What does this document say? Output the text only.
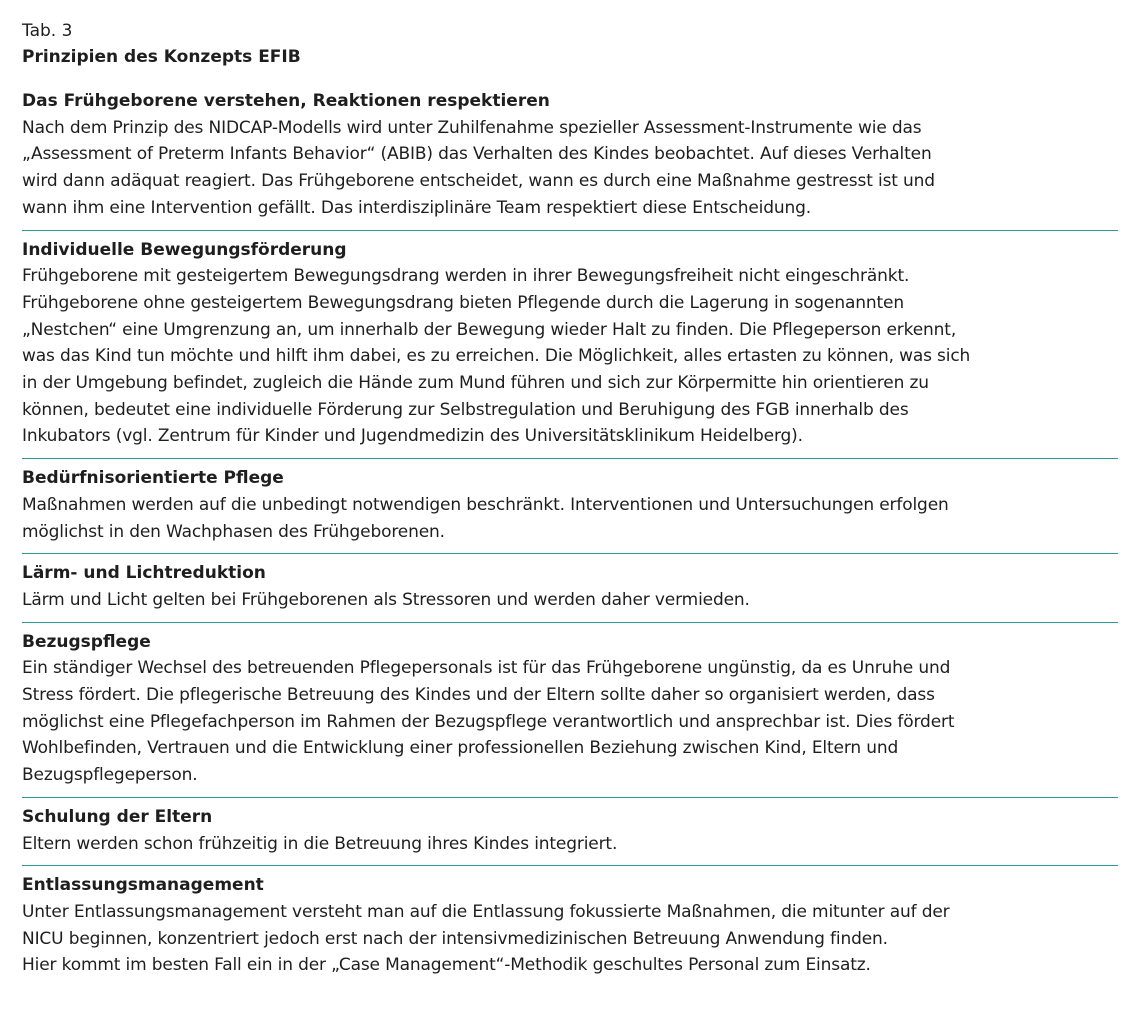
Tab. 3

Prinzipien des Konzepts EFIB

Das Frühgeborene verstehen, Reaktionen respektieren

Nach dem Prinzip des NIDCAP-Modells wird unter Zuhilfenahme spezieller Assessment-Instrumente wie das

„Assessment of Preterm Infants Behavior“ (ABIB) das Verhalten des Kindes beobachtet. Auf dieses Verhalten

wird dann adäquat reagiert. Das Frühgeborene entscheidet, wann es durch eine Maßnahme gestresst ist und

wann ihm eine Intervention gefällt. Das interdisziplinäre Team respektiert diese Entscheidung.

Individuelle Bewegungsförderung

Frühgeborene mit gesteigertem Bewegungsdrang werden in ihrer Bewegungsfreiheit nicht eingeschränkt.

Frühgeborene ohne gesteigertem Bewegungsdrang bieten Pflegende durch die Lagerung in sogenannten

„Nestchen“ eine Umgrenzung an, um innerhalb der Bewegung wieder Halt zu finden. Die Pflegeperson erkennt,

was das Kind tun möchte und hilft ihm dabei, es zu erreichen. Die Möglichkeit, alles ertasten zu können, was sich

in der Umgebung befindet, zugleich die Hände zum Mund führen und sich zur Körpermitte hin orientieren zu

können, bedeutet eine individuelle Förderung zur Selbstregulation und Beruhigung des FGB innerhalb des

Inkubators (vgl. Zentrum für Kinder und Jugendmedizin des Universitätsklinikum Heidelberg).

Bedürfnisorientierte Pflege

Maßnahmen werden auf die unbedingt notwendigen beschränkt. Interventionen und Untersuchungen erfolgen

möglichst in den Wachphasen des Frühgeborenen.

Lärm- und Lichtreduktion

Lärm und Licht gelten bei Frühgeborenen als Stressoren und werden daher vermieden.

Bezugspflege

Ein ständiger Wechsel des betreuenden Pflegepersonals ist für das Frühgeborene ungünstig, da es Unruhe und

Stress fördert. Die pflegerische Betreuung des Kindes und der Eltern sollte daher so organisiert werden, dass

möglichst eine Pflegefachperson im Rahmen der Bezugspflege verantwortlich und ansprechbar ist. Dies fördert

Wohlbefinden, Vertrauen und die Entwicklung einer professionellen Beziehung zwischen Kind, Eltern und

Bezugspflegeperson.

Schulung der Eltern

Eltern werden schon frühzeitig in die Betreuung ihres Kindes integriert.

Entlassungsmanagement

Unter Entlassungsmanagement versteht man auf die Entlassung fokussierte Maßnahmen, die mitunter auf der

NICU beginnen, konzentriert jedoch erst nach der intensivmedizinischen Betreuung Anwendung finden.

Hier kommt im besten Fall ein in der „Case Management“-Methodik geschultes Personal zum Einsatz.
